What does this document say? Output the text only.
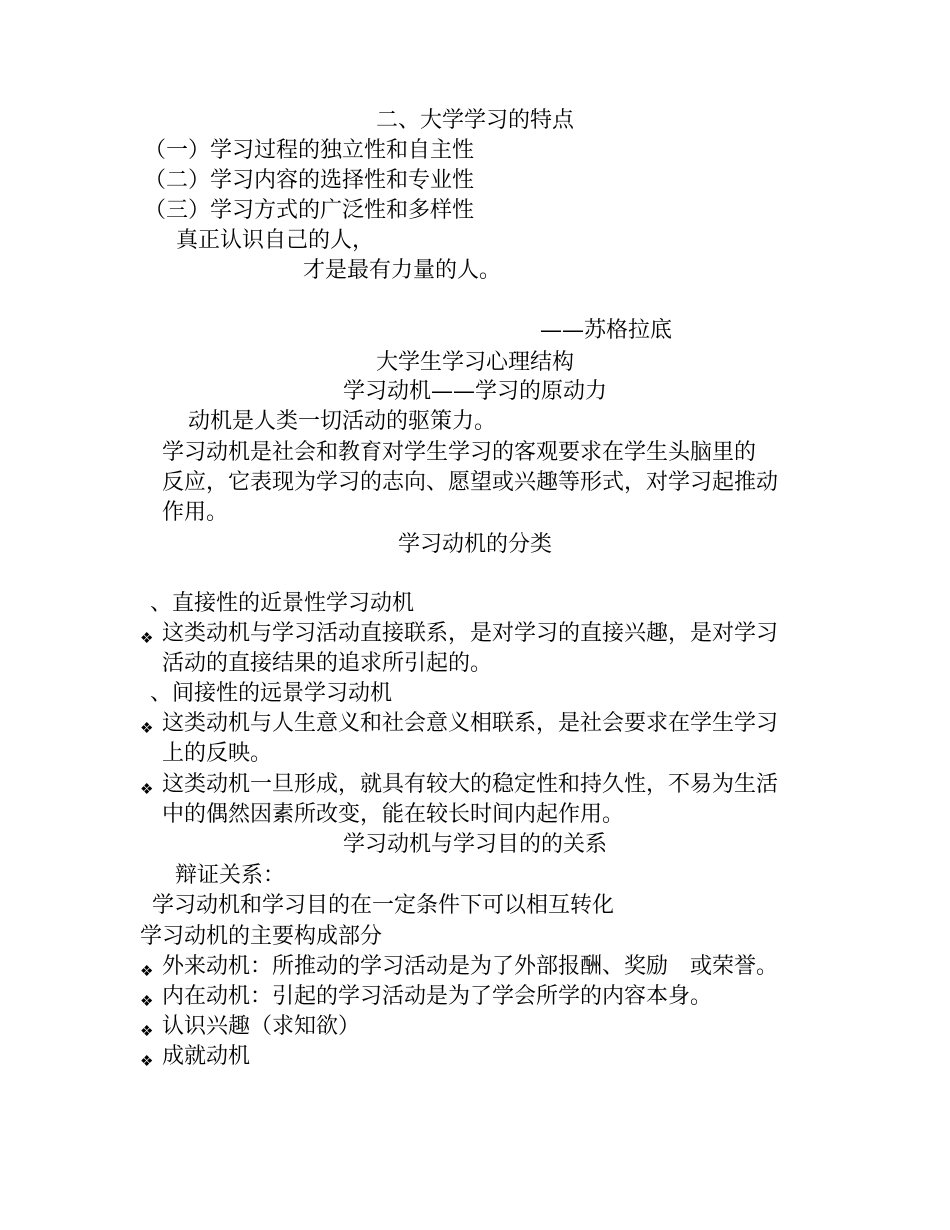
二、大学学习的特点
（一）学习过程的独立性和自主性
（二）学习内容的选择性和专业性
（三）学习方式的广泛性和多样性
真正认识自己的人，
才是最有力量的人。
——苏格拉底
大学生学习心理结构
学习动机——学习的原动力
动机是人类一切活动的驱策力。
学习动机是社会和教育对学生学习的客观要求在学生头脑里的
反应，它表现为学习的志向、愿望或兴趣等形式，对学习起推动
作用。
学习动机的分类
、直接性的近景性学习动机
❖ 这类动机与学习活动直接联系，是对学习的直接兴趣，是对学习
活动的直接结果的追求所引起的。
、间接性的远景学习动机
❖ 这类动机与人生意义和社会意义相联系，是社会要求在学生学习
上的反映。
❖ 这类动机一旦形成，就具有较大的稳定性和持久性，不易为生活
中的偶然因素所改变，能在较长时间内起作用。
学习动机与学习目的的关系
辩证关系：
学习动机和学习目的在一定条件下可以相互转化
学习动机的主要构成部分
❖ 外来动机：所推动的学习活动是为了外部报酬、奖励　或荣誉。
❖ 内在动机：引起的学习活动是为了学会所学的内容本身。
❖ 认识兴趣（求知欲）
❖ 成就动机
